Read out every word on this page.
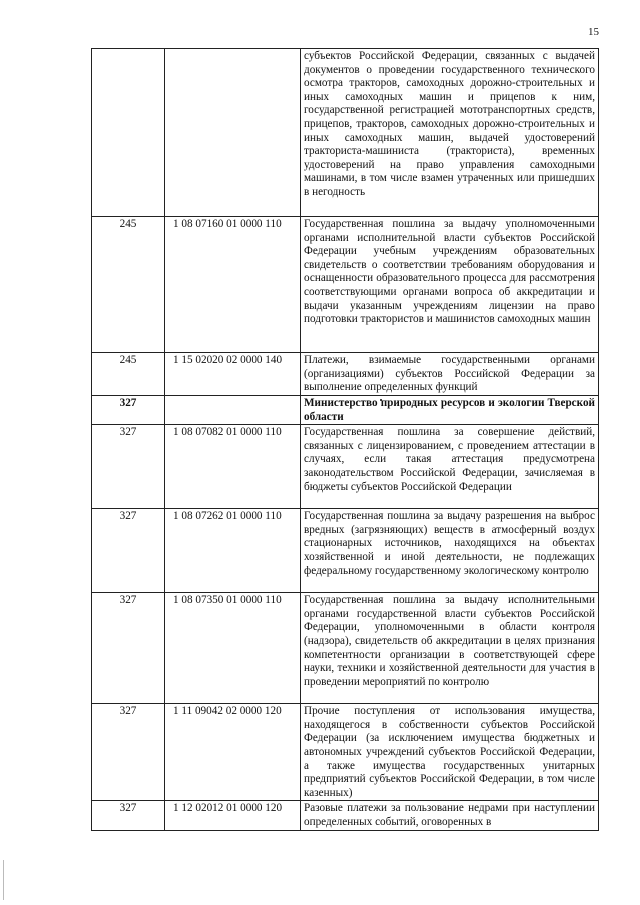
15
		субъектов Российской Федерации, связанных с выдачей документов о проведении государственного технического осмотра тракторов, самоходных дорожно-строительных и иных самоходных машин и прицепов к ним, государственной регистрацией мототранспортных средств, прицепов, тракторов, самоходных дорожно-строительных и иных самоходных машин, выдачей удостоверений тракториста-машиниста (тракториста), временных удостоверений на право управления самоходными машинами, в том числе взамен утраченных или пришедших в негодность
245	1 08 07160 01 0000 110	Государственная пошлина за выдачу уполномоченными органами исполнительной власти субъектов Российской Федерации учебным учреждениям образовательных свидетельств о соответствии требованиям оборудования и оснащенности образовательного процесса для рассмотрения соответствующими органами вопроса об аккредитации и выдачи указанным учреждениям лицензии на право подготовки трактористов и машинистов самоходных машин
245	1 15 02020 02 0000 140	Платежи, взимаемые государственными органами (организациями) субъектов Российской Федерации за выполнение определенных функций
327		Министерство природных ресурсов и экологии Тверской области
327	1 08 07082 01 0000 110	Государственная пошлина за совершение действий, связанных с лицензированием, с проведением аттестации в случаях, если такая аттестация предусмотрена законодательством Российской Федерации, зачисляемая в бюджеты субъектов Российской Федерации
327	1 08 07262 01 0000 110	Государственная пошлина за выдачу разрешения на выброс вредных (загрязняющих) веществ в атмосферный воздух стационарных источников, находящихся на объектах хозяйственной и иной деятельности, не подлежащих федеральному государственному экологическому контролю
327	1 08 07350 01 0000 110	Государственная пошлина за выдачу исполнительными органами государственной власти субъектов Российской Федерации, уполномоченными в области контроля (надзора), свидетельств об аккредитации в целях признания компетентности организации в соответствующей сфере науки, техники и хозяйственной деятельности для участия в проведении мероприятий по контролю
327	1 11 09042 02 0000 120	Прочие поступления от использования имущества, находящегося в собственности субъектов Российской Федерации (за исключением имущества бюджетных и автономных учреждений субъектов Российской Федерации, а также имущества государственных унитарных предприятий субъектов Российской Федерации, в том числе казенных)
327	1 12 02012 01 0000 120	Разовые платежи за пользование недрами при наступлении определенных событий, оговоренных в
